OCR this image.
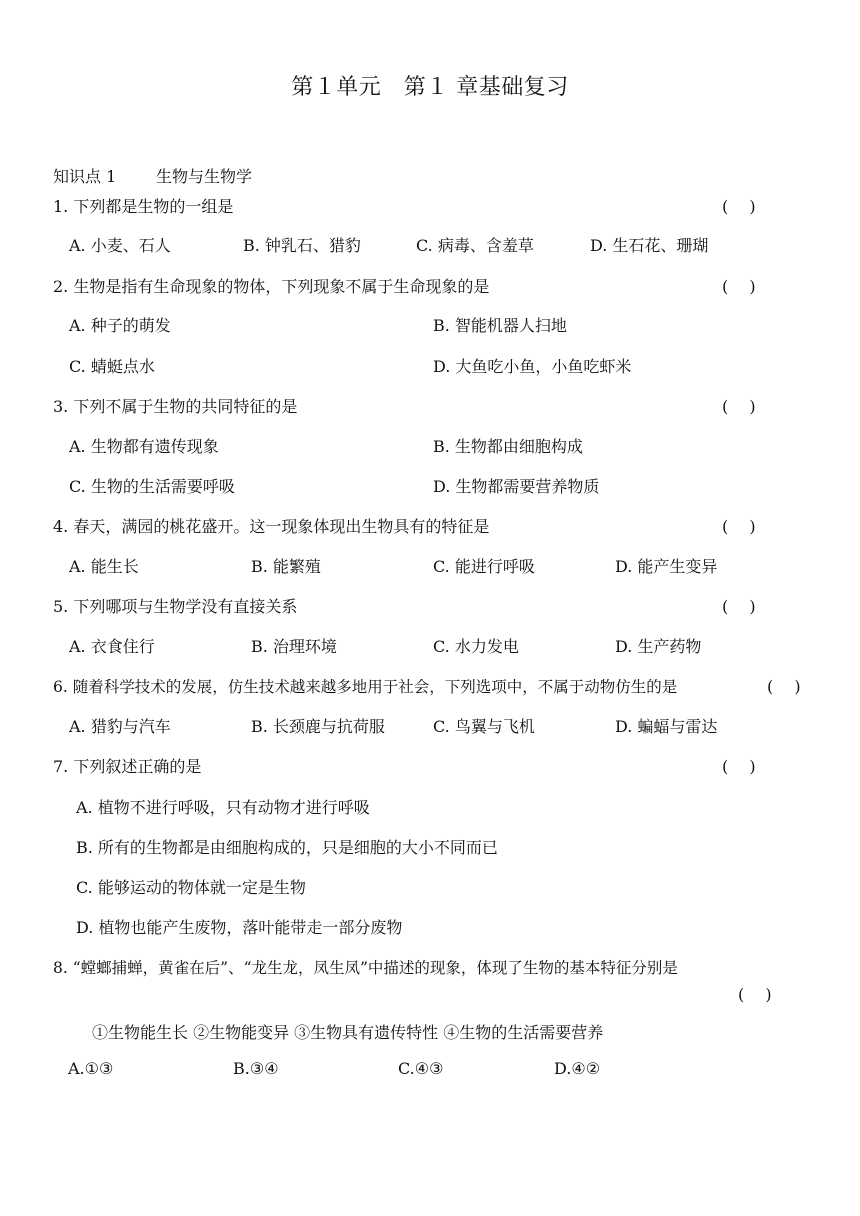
第１单元　第１ 章基础复习
知识点 1 生物与生物学
1. 下列都是生物的一组是	(　 )
A. 小麦、石人	B. 钟乳石、猎豹	C. 病毒、含羞草	D. 生石花、珊瑚
2. 生物是指有生命现象的物体，下列现象不属于生命现象的是	(　 )
A. 种子的萌发	B. 智能机器人扫地
C. 蜻蜓点水	D. 大鱼吃小鱼，小鱼吃虾米
3. 下列不属于生物的共同特征的是	(　 )
A. 生物都有遗传现象	B. 生物都由细胞构成
C. 生物的生活需要呼吸	D. 生物都需要营养物质
4. 春天，满园的桃花盛开。这一现象体现出生物具有的特征是	(　 )
A. 能生长	B. 能繁殖	C. 能进行呼吸	D. 能产生变异
5. 下列哪项与生物学没有直接关系	(　 )
A. 衣食住行	B. 治理环境	C. 水力发电	D. 生产药物
6. 随着科学技术的发展，仿生技术越来越多地用于社会，下列选项中，不属于动物仿生的是	(　 )
A. 猎豹与汽车	B. 长颈鹿与抗荷服	C. 鸟翼与飞机	D. 蝙蝠与雷达
7. 下列叙述正确的是	(　 )
A. 植物不进行呼吸，只有动物才进行呼吸
B. 所有的生物都是由细胞构成的，只是细胞的大小不同而已
C. 能够运动的物体就一定是生物
D. 植物也能产生废物，落叶能带走一部分废物
8. “螳螂捕蝉，黄雀在后”、“龙生龙，凤生凤”中描述的现象，体现了生物的基本特征分别是
(　 )
①生物能生长 ②生物能变异 ③生物具有遗传特性 ④生物的生活需要营养
A.①③	B.③④	C.④③	D.④②
